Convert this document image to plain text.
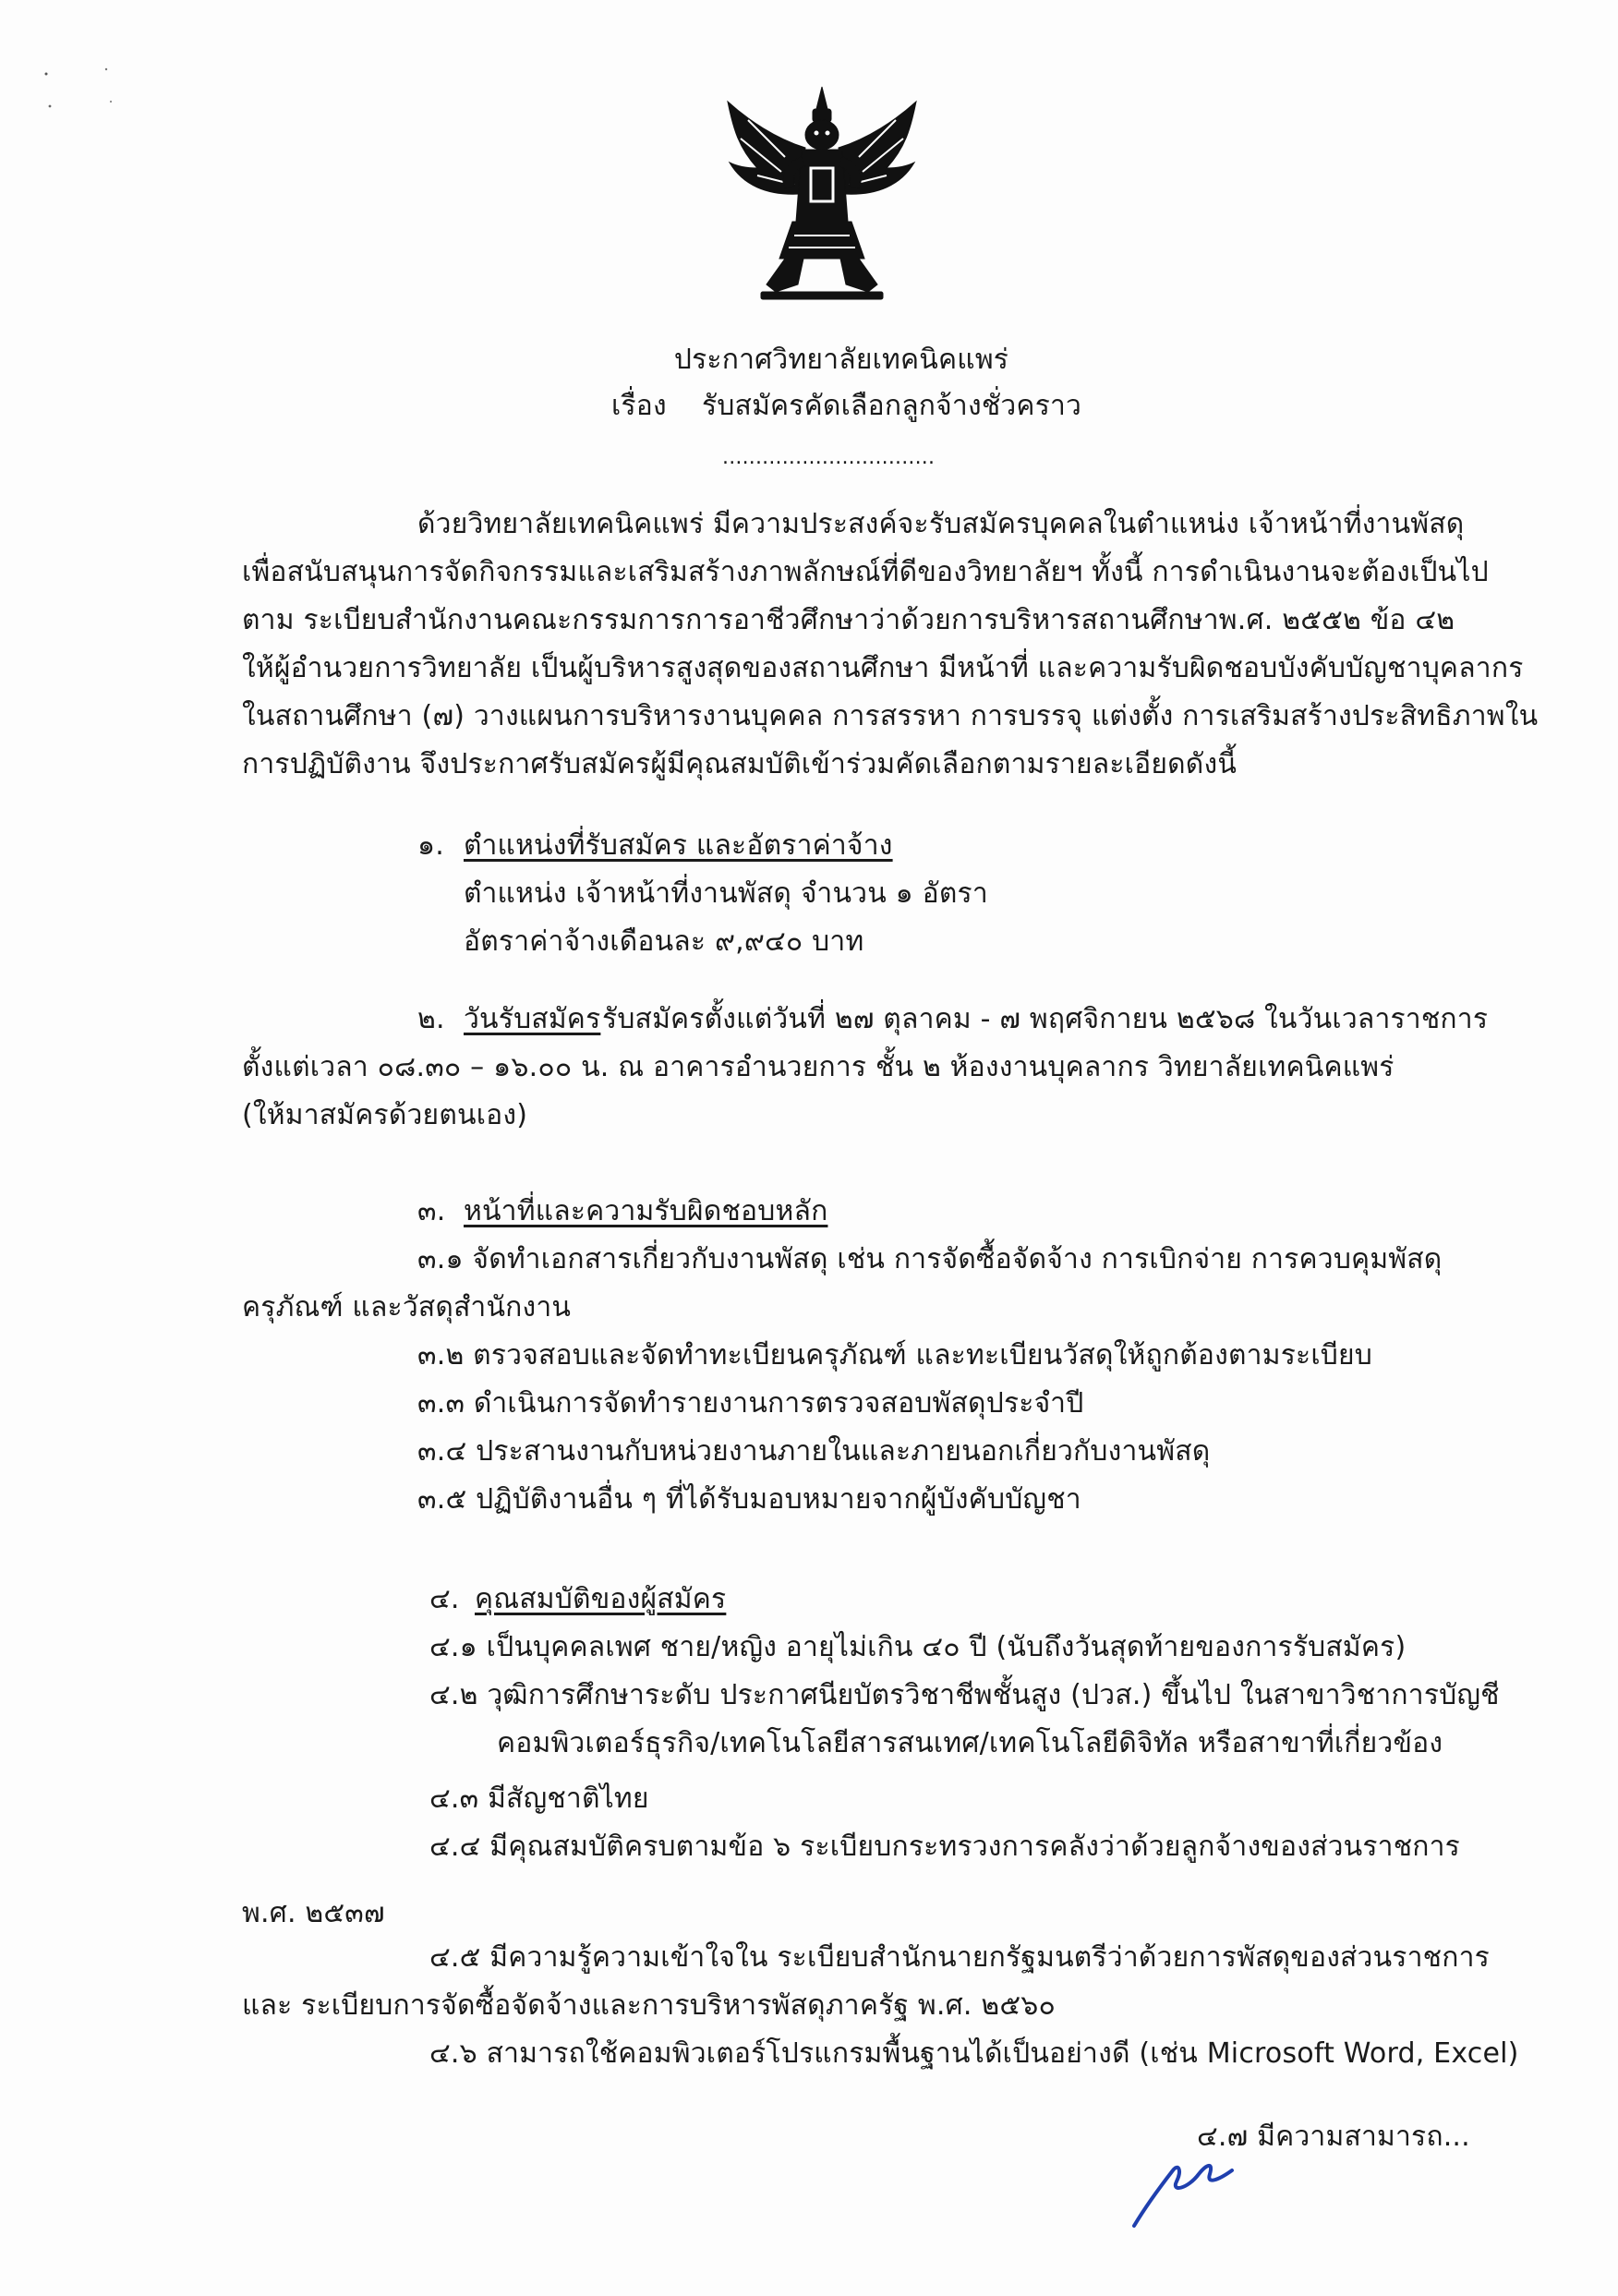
ประกาศวิทยาลัยเทคนิคแพร่
เรื่อง รับสมัครคัดเลือกลูกจ้างชั่วคราว
................................
ด้วยวิทยาลัยเทคนิคแพร่ มีความประสงค์จะรับสมัครบุคคลในตำแหน่ง เจ้าหน้าที่งานพัสดุ
เพื่อสนับสนุนการจัดกิจกรรมและเสริมสร้างภาพลักษณ์ที่ดีของวิทยาลัยฯ ทั้งนี้ การดำเนินงานจะต้องเป็นไป
ตาม ระเบียบสำนักงานคณะกรรมการการอาชีวศึกษาว่าด้วยการบริหารสถานศึกษาพ.ศ. ๒๕๕๒ ข้อ ๔๒
ให้ผู้อำนวยการวิทยาลัย เป็นผู้บริหารสูงสุดของสถานศึกษา มีหน้าที่ และความรับผิดชอบบังคับบัญชาบุคลากร
ในสถานศึกษา (๗) วางแผนการบริหารงานบุคคล การสรรหา การบรรจุ แต่งตั้ง การเสริมสร้างประสิทธิภาพใน
การปฏิบัติงาน จึงประกาศรับสมัครผู้มีคุณสมบัติเข้าร่วมคัดเลือกตามรายละเอียดดังนี้
๑. ตำแหน่งที่รับสมัคร และอัตราค่าจ้าง
ตำแหน่ง เจ้าหน้าที่งานพัสดุ จำนวน ๑ อัตรา
อัตราค่าจ้างเดือนละ ๙,๙๔๐ บาท
๒. วันรับสมัคร รับสมัครตั้งแต่วันที่ ๒๗ ตุลาคม - ๗ พฤศจิกายน ๒๕๖๘ ในวันเวลาราชการ
ตั้งแต่เวลา ๐๘.๓๐ – ๑๖.๐๐ น. ณ อาคารอำนวยการ ชั้น ๒ ห้องงานบุคลากร วิทยาลัยเทคนิคแพร่
(ให้มาสมัครด้วยตนเอง)
๓. หน้าที่และความรับผิดชอบหลัก
๓.๑ จัดทำเอกสารเกี่ยวกับงานพัสดุ เช่น การจัดซื้อจัดจ้าง การเบิกจ่าย การควบคุมพัสดุ
ครุภัณฑ์ และวัสดุสำนักงาน
๓.๒ ตรวจสอบและจัดทำทะเบียนครุภัณฑ์ และทะเบียนวัสดุให้ถูกต้องตามระเบียบ
๓.๓ ดำเนินการจัดทำรายงานการตรวจสอบพัสดุประจำปี
๓.๔ ประสานงานกับหน่วยงานภายในและภายนอกเกี่ยวกับงานพัสดุ
๓.๕ ปฏิบัติงานอื่น ๆ ที่ได้รับมอบหมายจากผู้บังคับบัญชา
๔. คุณสมบัติของผู้สมัคร
๔.๑ เป็นบุคคลเพศ ชาย/หญิง อายุไม่เกิน ๔๐ ปี (นับถึงวันสุดท้ายของการรับสมัคร)
๔.๒ วุฒิการศึกษาระดับ ประกาศนียบัตรวิชาชีพชั้นสูง (ปวส.) ขึ้นไป ในสาขาวิชาการบัญชี
คอมพิวเตอร์ธุรกิจ/เทคโนโลยีสารสนเทศ/เทคโนโลยีดิจิทัล หรือสาขาที่เกี่ยวข้อง
๔.๓ มีสัญชาติไทย
๔.๔ มีคุณสมบัติครบตามข้อ ๖ ระเบียบกระทรวงการคลังว่าด้วยลูกจ้างของส่วนราชการ
พ.ศ. ๒๕๓๗
๔.๕ มีความรู้ความเข้าใจใน ระเบียบสำนักนายกรัฐมนตรีว่าด้วยการพัสดุของส่วนราชการ
และ ระเบียบการจัดซื้อจัดจ้างและการบริหารพัสดุภาครัฐ พ.ศ. ๒๕๖๐
๔.๖ สามารถใช้คอมพิวเตอร์โปรแกรมพื้นฐานได้เป็นอย่างดี (เช่น Microsoft Word, Excel)
๔.๗ มีความสามารถ...
